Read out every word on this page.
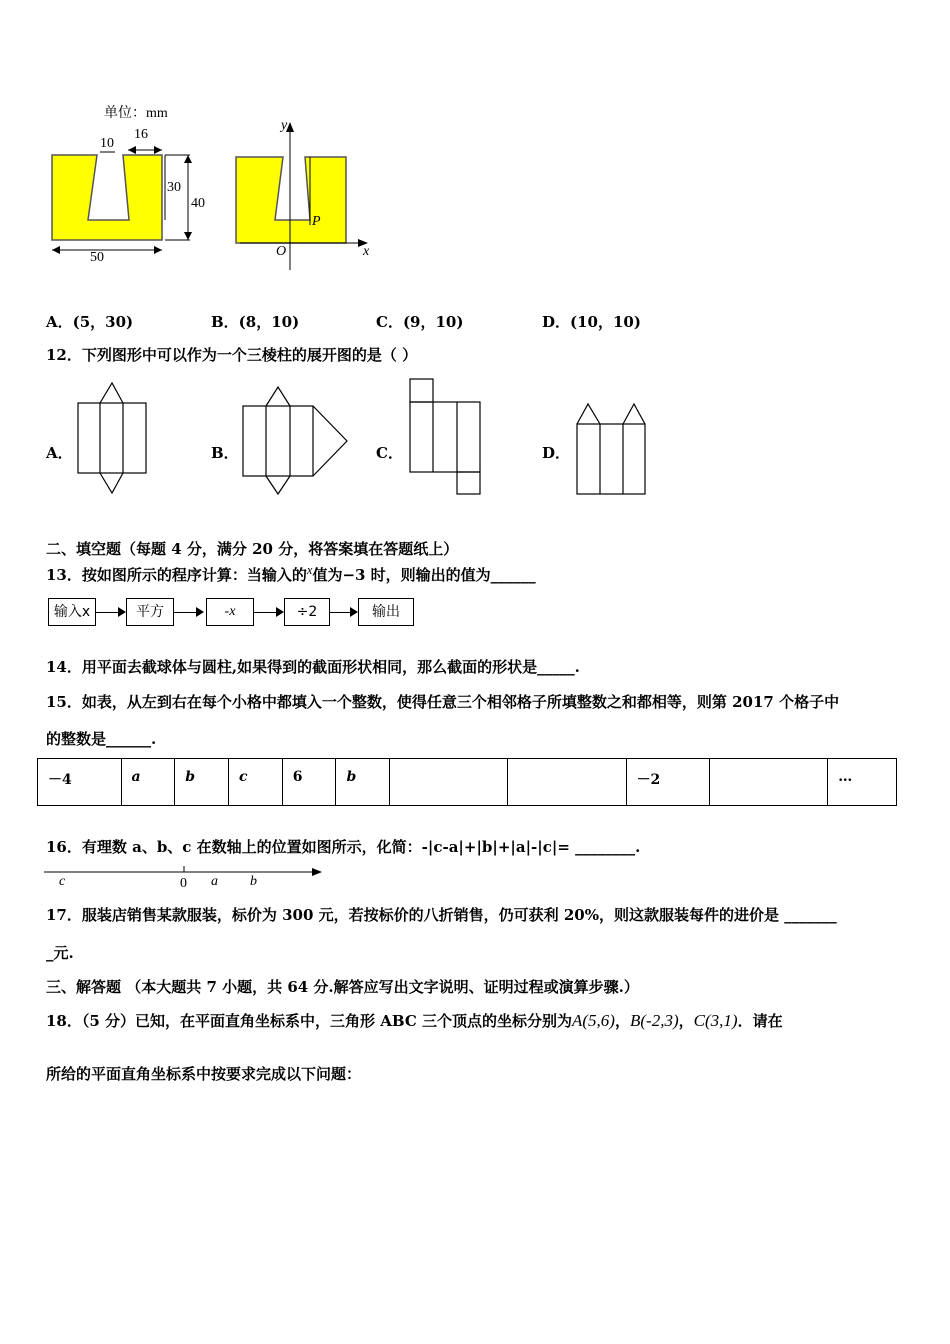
单位：mm
10
16
30
40
50
y
x
O
P
A．(5，30)	B．(8，10)	C．(9，10)	D．(10，10)
12．下列图形中可以作为一个三棱柱的展开图的是（ ）
A．	B．	C．	D．
二、填空题（每题 4 分，满分 20 分，将答案填在答题纸上）
13．按如图所示的程序计算：当输入的$^x$值为−3 时，则输出的值为______
输入x	平方	-x	÷2	输出
14．用平面去截球体与圆柱,如果得到的截面形状相同，那么截面的形状是_____.
15．如表，从左到右在每个小格中都填入一个整数，使得任意三个相邻格子所填整数之和都相等，则第 2017 个格子中
的整数是______.
－4	a	b	c	6	b			－2		…
16．有理数 a、b、c 在数轴上的位置如图所示，化简：-|c-a|+|b|+|a|-|c|= ________.
c	0 a b
17．服装店销售某款服装，标价为 300 元，若按标价的八折销售，仍可获利 20%，则这款服装每件的进价是 _______
_元.
三、解答题 （本大题共 7 小题，共 64 分.解答应写出文字说明、证明过程或演算步骤.）
18．（5 分）已知，在平面直角坐标系中，三角形 ABC 三个顶点的坐标分别为A(5,6)，B(-2,3)，C(3,1)．请在
所给的平面直角坐标系中按要求完成以下问题：
